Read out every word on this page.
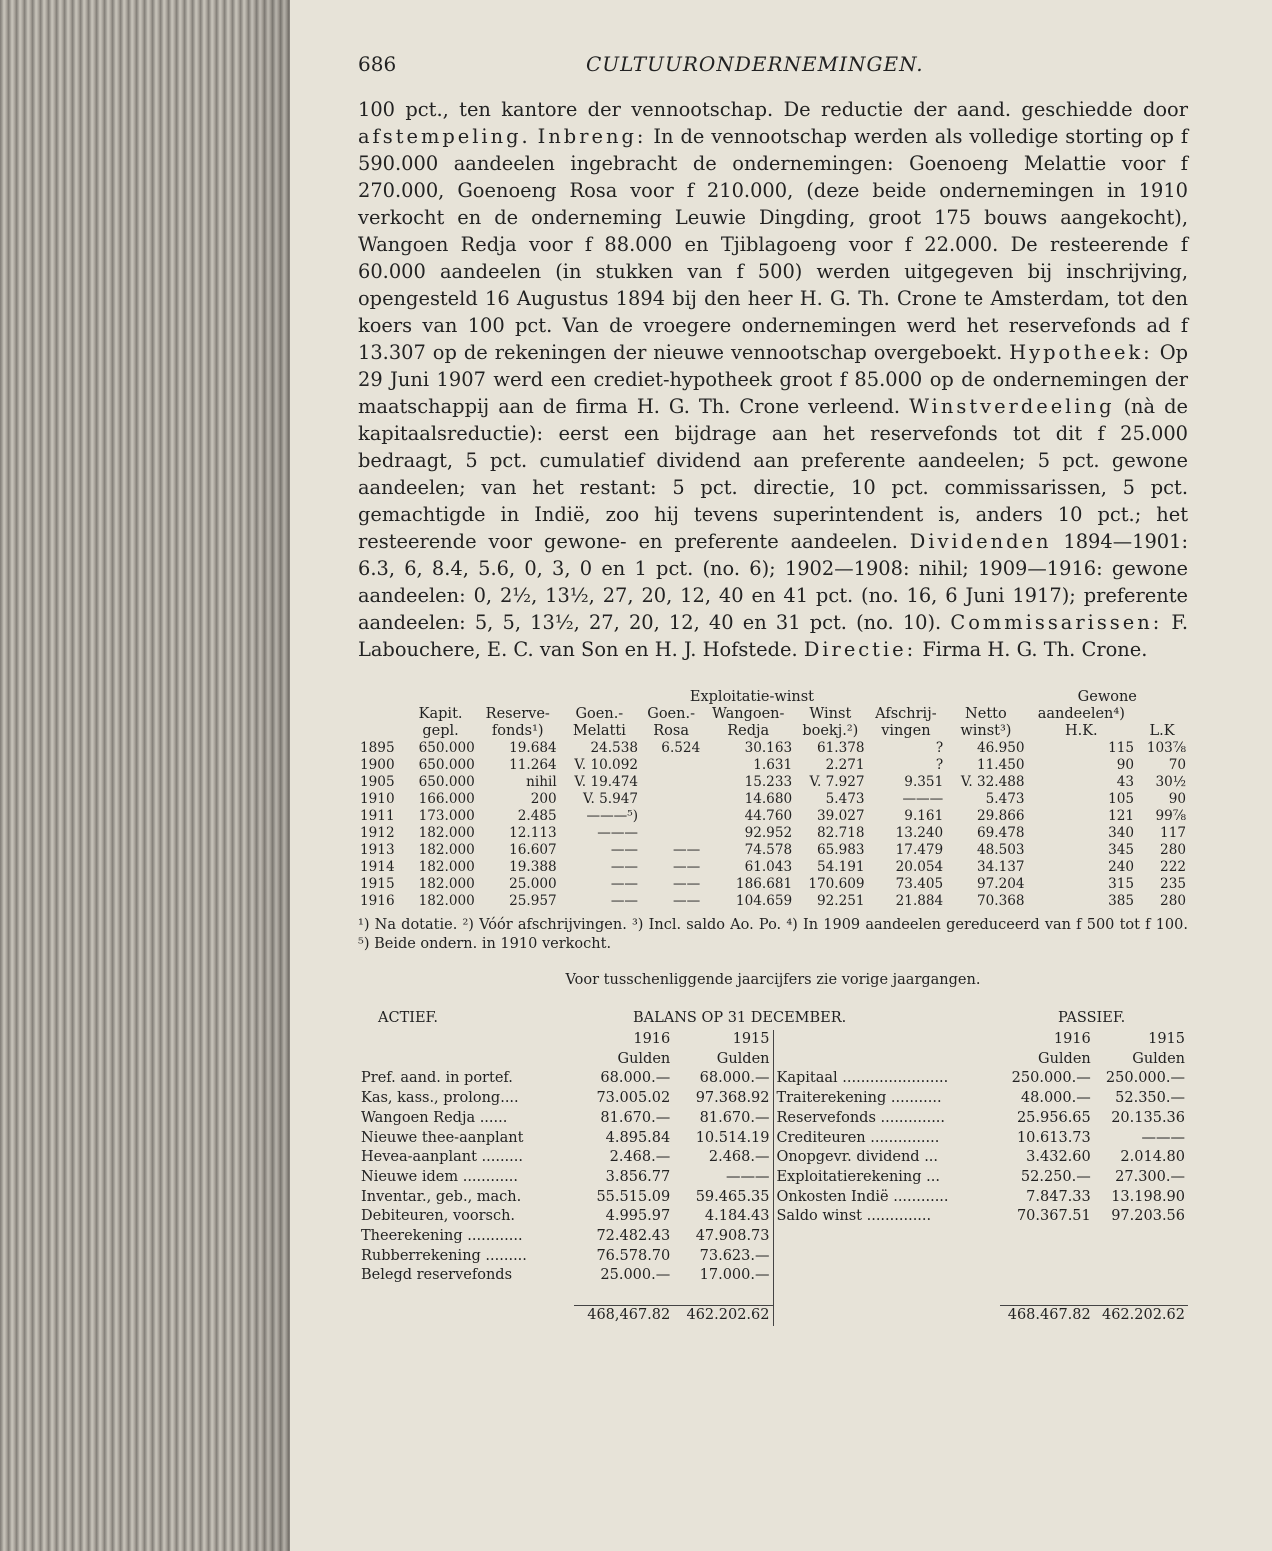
686	CULTUURONDERNEMINGEN.

100 pct., ten kantore der vennootschap. De reductie der aand. geschiedde door afstempeling. Inbreng: In de vennootschap werden als volledige storting op f 590.000 aandeelen ingebracht de ondernemingen: Goenoeng Melattie voor f 270.000, Goenoeng Rosa voor f 210.000, (deze beide ondernemingen in 1910 verkocht en de onderneming Leuwie Dingding, groot 175 bouws aangekocht), Wangoen Redja voor f 88.000 en Tjiblagoeng voor f 22.000. De resteerende f 60.000 aandeelen (in stukken van f 500) werden uitgegeven bij inschrijving, opengesteld 16 Augustus 1894 bij den heer H. G. Th. Crone te Amsterdam, tot den koers van 100 pct. Van de vroegere ondernemingen werd het reservefonds ad f 13.307 op de rekeningen der nieuwe vennootschap overgeboekt. Hypotheek: Op 29 Juni 1907 werd een crediet-hypotheek groot f 85.000 op de ondernemingen der maatschappij aan de firma H. G. Th. Crone verleend. Winstverdeeling (nà de kapitaalsreductie): eerst een bijdrage aan het reservefonds tot dit f 25.000 bedraagt, 5 pct. cumulatief dividend aan preferente aandeelen; 5 pct. gewone aandeelen; van het restant: 5 pct. directie, 10 pct. commissarissen, 5 pct. gemachtigde in Indië, zoo hij tevens superintendent is, anders 10 pct.; het resteerende voor gewone- en preferente aandeelen. Dividenden 1894—1901: 6.3, 6, 8.4, 5.6, 0, 3, 0 en 1 pct. (no. 6); 1902—1908: nihil; 1909—1916: gewone aandeelen: 0, 2½, 13½, 27, 20, 12, 40 en 41 pct. (no. 16, 6 Juni 1917); preferente aandeelen: 5, 5, 13½, 27, 20, 12, 40 en 31 pct. (no. 10). Commissarissen: F. Labouchere, E. C. van Son en H. J. Hofstede. Directie: Firma H. G. Th. Crone.

			Exploitatie-winst						Gewone	
	Kapit.	Reserve-	Goen.-	Goen.-	Wangoen-	Winst	Afschrij-	Netto	aandeelen⁴)	
	gepl.	fonds¹)	Melatti	Rosa	Redja	boekj.²)	vingen	winst³)	H.K.	L.K
1895	650.000	19.684	24.538	6.524	30.163	61.378	?	46.950	115	103⅞
1900	650.000	11.264	V. 10.092		1.631	2.271	?	11.450	90	70
1905	650.000	nihil	V. 19.474		15.233	V. 7.927	9.351	V. 32.488	43	30½
1910	166.000	200	V. 5.947		14.680	5.473	———	5.473	105	90
1911	173.000	2.485	———⁵)		44.760	39.027	9.161	29.866	121	99⅞
1912	182.000	12.113	———		92.952	82.718	13.240	69.478	340	117
1913	182.000	16.607	——	——	74.578	65.983	17.479	48.503	345	280
1914	182.000	19.388	——	——	61.043	54.191	20.054	34.137	240	222
1915	182.000	25.000	——	——	186.681	170.609	73.405	97.204	315	235
1916	182.000	25.957	——	——	104.659	92.251	21.884	70.368	385	280
¹) Na dotatie. ²) Vóór afschrijvingen. ³) Incl. saldo Ao. Po. ⁴) In 1909 aandeelen gereduceerd van f 500 tot f 100. ⁵) Beide ondern. in 1910 verkocht.
Voor tusschenliggende jaarcijfers zie vorige jaargangen.
ACTIEF.	BALANS OP 31 DECEMBER.	PASSIEF.
	1916	1915
	Gulden	Gulden
Pref. aand. in portef.	68.000.—	68.000.—
Kas, kass., prolong....	73.005.02	97.368.92
Wangoen Redja ......	81.670.—	81.670.—
Nieuwe thee-aanplant	4.895.84	10.514.19
Hevea-aanplant .........	2.468.—	2.468.—
Nieuwe idem ............	3.856.77	———
Inventar., geb., mach.	55.515.09	59.465.35
Debiteuren, voorsch.	4.995.97	4.184.43
Theerekening ............	72.482.43	47.908.73
Rubberrekening .........	76.578.70	73.623.—
Belegd reservefonds	25.000.—	17.000.—

	468,467.82	462.202.62
	1916	1915
	Gulden	Gulden
Kapitaal .......................	250.000.—	250.000.—
Traiterekening ...........	48.000.—	52.350.—
Reservefonds ..............	25.956.65	20.135.36
Crediteuren ...............	10.613.73	———
Onopgevr. dividend ...	3.432.60	2.014.80
Exploitatierekening ...	52.250.—	27.300.—
Onkosten Indië ............	7.847.33	13.198.90
Saldo winst ..............	70.367.51	97.203.56

	468.467.82	462.202.62
